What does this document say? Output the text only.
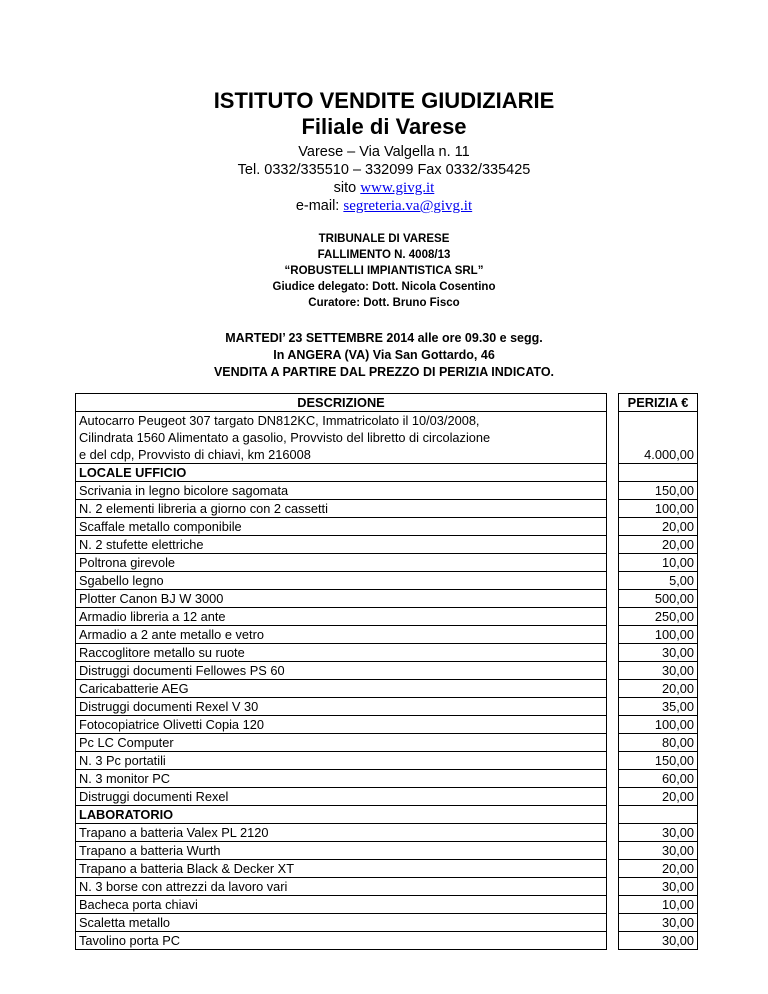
ISTITUTO VENDITE GIUDIZIARIE
Filiale di Varese
Varese – Via Valgella n. 11
Tel. 0332/335510 – 332099 Fax 0332/335425
sito www.givg.it
e-mail: segreteria.va@givg.it
TRIBUNALE DI VARESE
FALLIMENTO N. 4008/13
“ROBUSTELLI IMPIANTISTICA SRL”
Giudice delegato: Dott. Nicola Cosentino
Curatore: Dott. Bruno Fisco
MARTEDI’ 23 SETTEMBRE 2014 alle ore 09.30 e segg.
In ANGERA (VA) Via San Gottardo, 46
VENDITA A PARTIRE DAL PREZZO DI PERIZIA INDICATO.
DESCRIZIONE		PERIZIA €

Autocarro Peugeot 307 targato DN812KC, Immatricolato il 10/03/2008,
Cilindrata 1560 Alimentato a gasolio, Provvisto del libretto di circolazione
e del cdp, Provvisto di chiavi, km 216008		4.000,00
LOCALE UFFICIO		
Scrivania in legno bicolore sagomata		150,00
N. 2 elementi libreria a giorno con 2 cassetti		100,00
Scaffale metallo componibile		20,00
N. 2 stufette elettriche		20,00
Poltrona girevole		10,00
Sgabello legno		5,00
Plotter Canon BJ W 3000		500,00
Armadio libreria a 12 ante		250,00
Armadio a 2 ante metallo e vetro		100,00
Raccoglitore metallo su ruote		30,00
Distruggi documenti Fellowes PS 60		30,00
Caricabatterie AEG		20,00
Distruggi documenti Rexel V 30		35,00
Fotocopiatrice Olivetti Copia 120		100,00
Pc LC Computer		80,00
N. 3 Pc portatili		150,00
N. 3 monitor PC		60,00
Distruggi documenti Rexel		20,00
LABORATORIO		
Trapano a batteria Valex PL 2120		30,00
Trapano a batteria Wurth		30,00
Trapano a batteria Black & Decker XT		20,00
N. 3 borse con attrezzi da lavoro vari		30,00
Bacheca porta chiavi		10,00
Scaletta metallo		30,00
Tavolino porta PC		30,00
